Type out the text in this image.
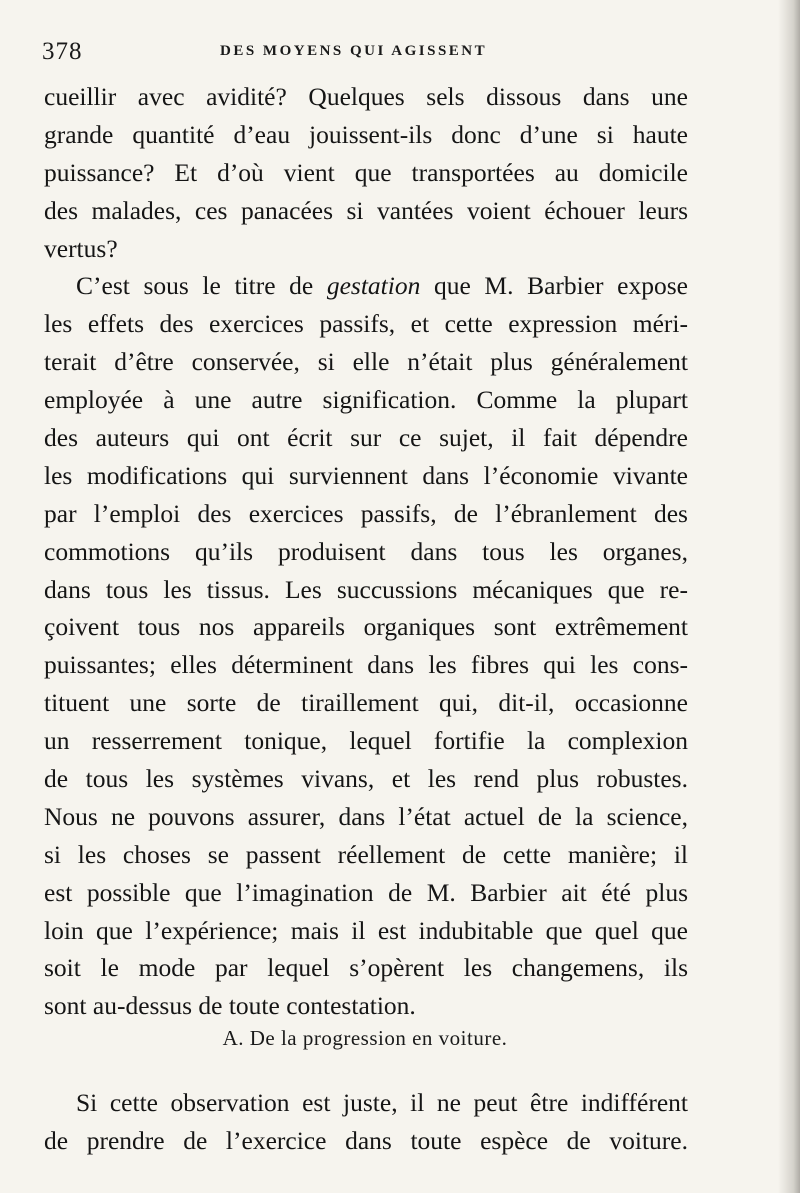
378	DES MOYENS QUI AGISSENT
cueillir avec avidité? Quelques sels dissous dans une
grande quantité d’eau jouissent-ils donc d’une si haute
puissance? Et d’où vient que transportées au domicile
des malades, ces panacées si vantées voient échouer leurs
vertus?
C’est sous le titre de gestation que M. Barbier expose
les effets des exercices passifs, et cette expression méri-
terait d’être conservée, si elle n’était plus généralement
employée à une autre signification. Comme la plupart
des auteurs qui ont écrit sur ce sujet, il fait dépendre
les modifications qui surviennent dans l’économie vivante
par l’emploi des exercices passifs, de l’ébranlement des
commotions qu’ils produisent dans tous les organes,
dans tous les tissus. Les succussions mécaniques que re-
çoivent tous nos appareils organiques sont extrêmement
puissantes; elles déterminent dans les fibres qui les cons-
tituent une sorte de tiraillement qui, dit-il, occasionne
un resserrement tonique, lequel fortifie la complexion
de tous les systèmes vivans, et les rend plus robustes.
Nous ne pouvons assurer, dans l’état actuel de la science,
si les choses se passent réellement de cette manière; il
est possible que l’imagination de M. Barbier ait été plus
loin que l’expérience; mais il est indubitable que quel que
soit le mode par lequel s’opèrent les changemens, ils
sont au-dessus de toute contestation.
A. De la progression en voiture.
Si cette observation est juste, il ne peut être indifférent
de prendre de l’exercice dans toute espèce de voiture.
